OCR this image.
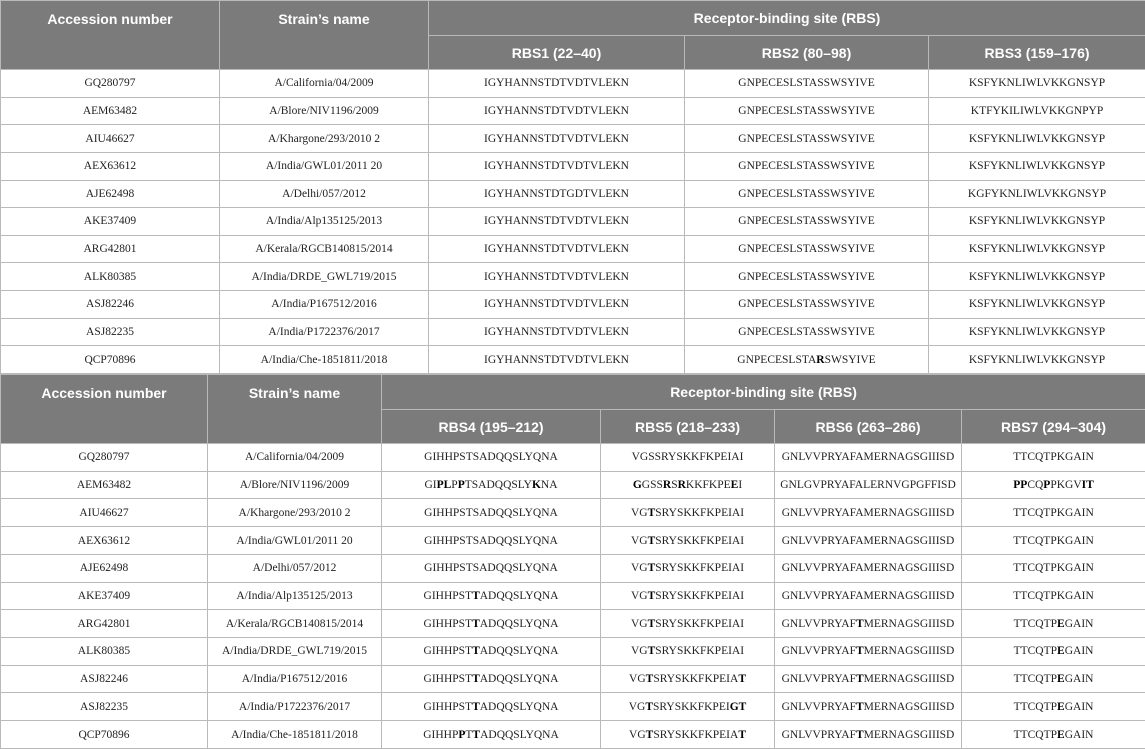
Accession number	Strain’s name	Receptor-binding site (RBS)		
		RBS1 (22–40)	RBS2 (80–98)	RBS3 (159–176)
GQ280797	A/California/04/2009	IGYHANNSTDTVDTVLEKN	GNPECESLSTASSWSYIVE	KSFYKNLIWLVKKGNSYP
AEM63482	A/Blore/NIV1196/2009	IGYHANNSTDTVDTVLEKN	GNPECESLSTASSWSYIVE	KTFYKILIWLVKKGNPYP
AIU46627	A/Khargone/293/2010 2	IGYHANNSTDTVDTVLEKN	GNPECESLSTASSWSYIVE	KSFYKNLIWLVKKGNSYP
AEX63612	A/India/GWL01/2011 20	IGYHANNSTDTVDTVLEKN	GNPECESLSTASSWSYIVE	KSFYKNLIWLVKKGNSYP
AJE62498	A/Delhi/057/2012	IGYHANNSTDTGDTVLEKN	GNPECESLSTASSWSYIVE	KGFYKNLIWLVKKGNSYP
AKE37409	A/India/Alp135125/2013	IGYHANNSTDTVDTVLEKN	GNPECESLSTASSWSYIVE	KSFYKNLIWLVKKGNSYP
ARG42801	A/Kerala/RGCB140815/2014	IGYHANNSTDTVDTVLEKN	GNPECESLSTASSWSYIVE	KSFYKNLIWLVKKGNSYP
ALK80385	A/India/DRDE_GWL719/2015	IGYHANNSTDTVDTVLEKN	GNPECESLSTASSWSYIVE	KSFYKNLIWLVKKGNSYP
ASJ82246	A/India/P167512/2016	IGYHANNSTDTVDTVLEKN	GNPECESLSTASSWSYIVE	KSFYKNLIWLVKKGNSYP
ASJ82235	A/India/P1722376/2017	IGYHANNSTDTVDTVLEKN	GNPECESLSTASSWSYIVE	KSFYKNLIWLVKKGNSYP
QCP70896	A/India/Che-1851811/2018	IGYHANNSTDTVDTVLEKN	GNPECESLSTARSWSYIVE	KSFYKNLIWLVKKGNSYP
Accession number	Strain’s name	Receptor-binding site (RBS)			
		RBS4 (195–212)	RBS5 (218–233)	RBS6 (263–286)	RBS7 (294–304)
GQ280797	A/California/04/2009	GIHHPSTSADQQSLYQNA	VGSSRYSKKFKPEIAI	GNLVVPRYAFAMERNAGSGIIISD	TTCQTPKGAIN
AEM63482	A/Blore/NIV1196/2009	GIPLPPTSADQQSLYKNA	GGSSRSRKKFKPEEI	GNLGVPRYAFALERNVGPGFFISD	PPCQPPKGVIT
AIU46627	A/Khargone/293/2010 2	GIHHPSTSADQQSLYQNA	VGTSRYSKKFKPEIAI	GNLVVPRYAFAMERNAGSGIIISD	TTCQTPKGAIN
AEX63612	A/India/GWL01/2011 20	GIHHPSTSADQQSLYQNA	VGTSRYSKKFKPEIAI	GNLVVPRYAFAMERNAGSGIIISD	TTCQTPKGAIN
AJE62498	A/Delhi/057/2012	GIHHPSTSADQQSLYQNA	VGTSRYSKKFKPEIAI	GNLVVPRYAFAMERNAGSGIIISD	TTCQTPKGAIN
AKE37409	A/India/Alp135125/2013	GIHHPSTTADQQSLYQNA	VGTSRYSKKFKPEIAI	GNLVVPRYAFAMERNAGSGIIISD	TTCQTPKGAIN
ARG42801	A/Kerala/RGCB140815/2014	GIHHPSTTADQQSLYQNA	VGTSRYSKKFKPEIAI	GNLVVPRYAFTMERNAGSGIIISD	TTCQTPEGAIN
ALK80385	A/India/DRDE_GWL719/2015	GIHHPSTTADQQSLYQNA	VGTSRYSKKFKPEIAI	GNLVVPRYAFTMERNAGSGIIISD	TTCQTPEGAIN
ASJ82246	A/India/P167512/2016	GIHHPSTTADQQSLYQNA	VGTSRYSKKFKPEIAT	GNLVVPRYAFTMERNAGSGIIISD	TTCQTPEGAIN
ASJ82235	A/India/P1722376/2017	GIHHPSTTADQQSLYQNA	VGTSRYSKKFKPEIGT	GNLVVPRYAFTMERNAGSGIIISD	TTCQTPEGAIN
QCP70896	A/India/Che-1851811/2018	GIHHPPTTADQQSLYQNA	VGTSRYSKKFKPEIAT	GNLVVPRYAFTMERNAGSGIIISD	TTCQTPEGAIN
